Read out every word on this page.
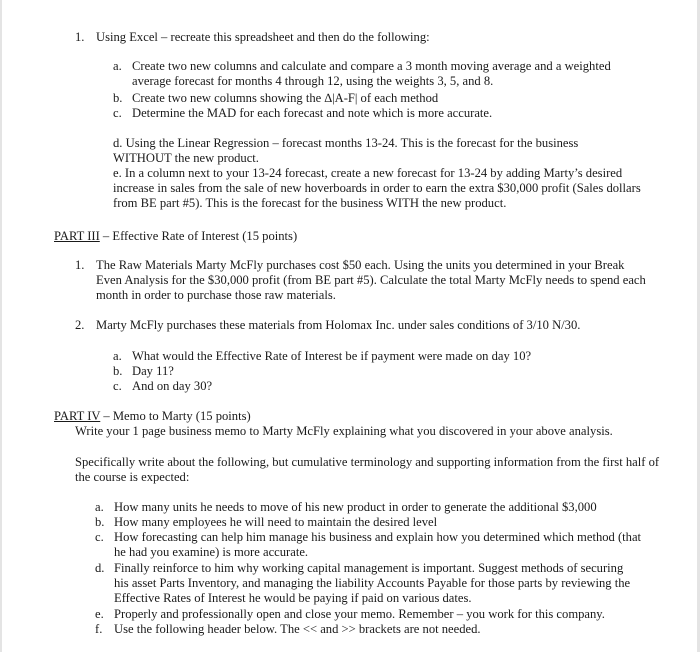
1. Using Excel – recreate this spreadsheet and then do the following:
a. Create two new columns and calculate and compare a 3 month moving average and a weighted average forecast for months 4 through 12, using the weights 3, 5, and 8.
b. Create two new columns showing the ∆|A-F| of each method
c. Determine the MAD for each forecast and note which is more accurate.
d. Using the Linear Regression – forecast months 13-24. This is the forecast for the business WITHOUT the new product.
e. In a column next to your 13-24 forecast, create a new forecast for 13-24 by adding Marty’s desired increase in sales from the sale of new hoverboards in order to earn the extra $30,000 profit (Sales dollars from BE part #5). This is the forecast for the business WITH the new product.
PART III – Effective Rate of Interest (15 points)
1. The Raw Materials Marty McFly purchases cost $50 each. Using the units you determined in your Break Even Analysis for the $30,000 profit (from BE part #5). Calculate the total Marty McFly needs to spend each month in order to purchase those raw materials.
2. Marty McFly purchases these materials from Holomax Inc. under sales conditions of 3/10 N/30.
a. What would the Effective Rate of Interest be if payment were made on day 10?
b. Day 11?
c. And on day 30?
PART IV – Memo to Marty (15 points)
Write your 1 page business memo to Marty McFly explaining what you discovered in your above analysis.
Specifically write about the following, but cumulative terminology and supporting information from the first half of the course is expected:
a. How many units he needs to move of his new product in order to generate the additional $3,000
b. How many employees he will need to maintain the desired level
c. How forecasting can help him manage his business and explain how you determined which method (that he had you examine) is more accurate.
d. Finally reinforce to him why working capital management is important. Suggest methods of securing his asset Parts Inventory, and managing the liability Accounts Payable for those parts by reviewing the Effective Rates of Interest he would be paying if paid on various dates.
e. Properly and professionally open and close your memo. Remember – you work for this company.
f. Use the following header below. The << and >> brackets are not needed.
